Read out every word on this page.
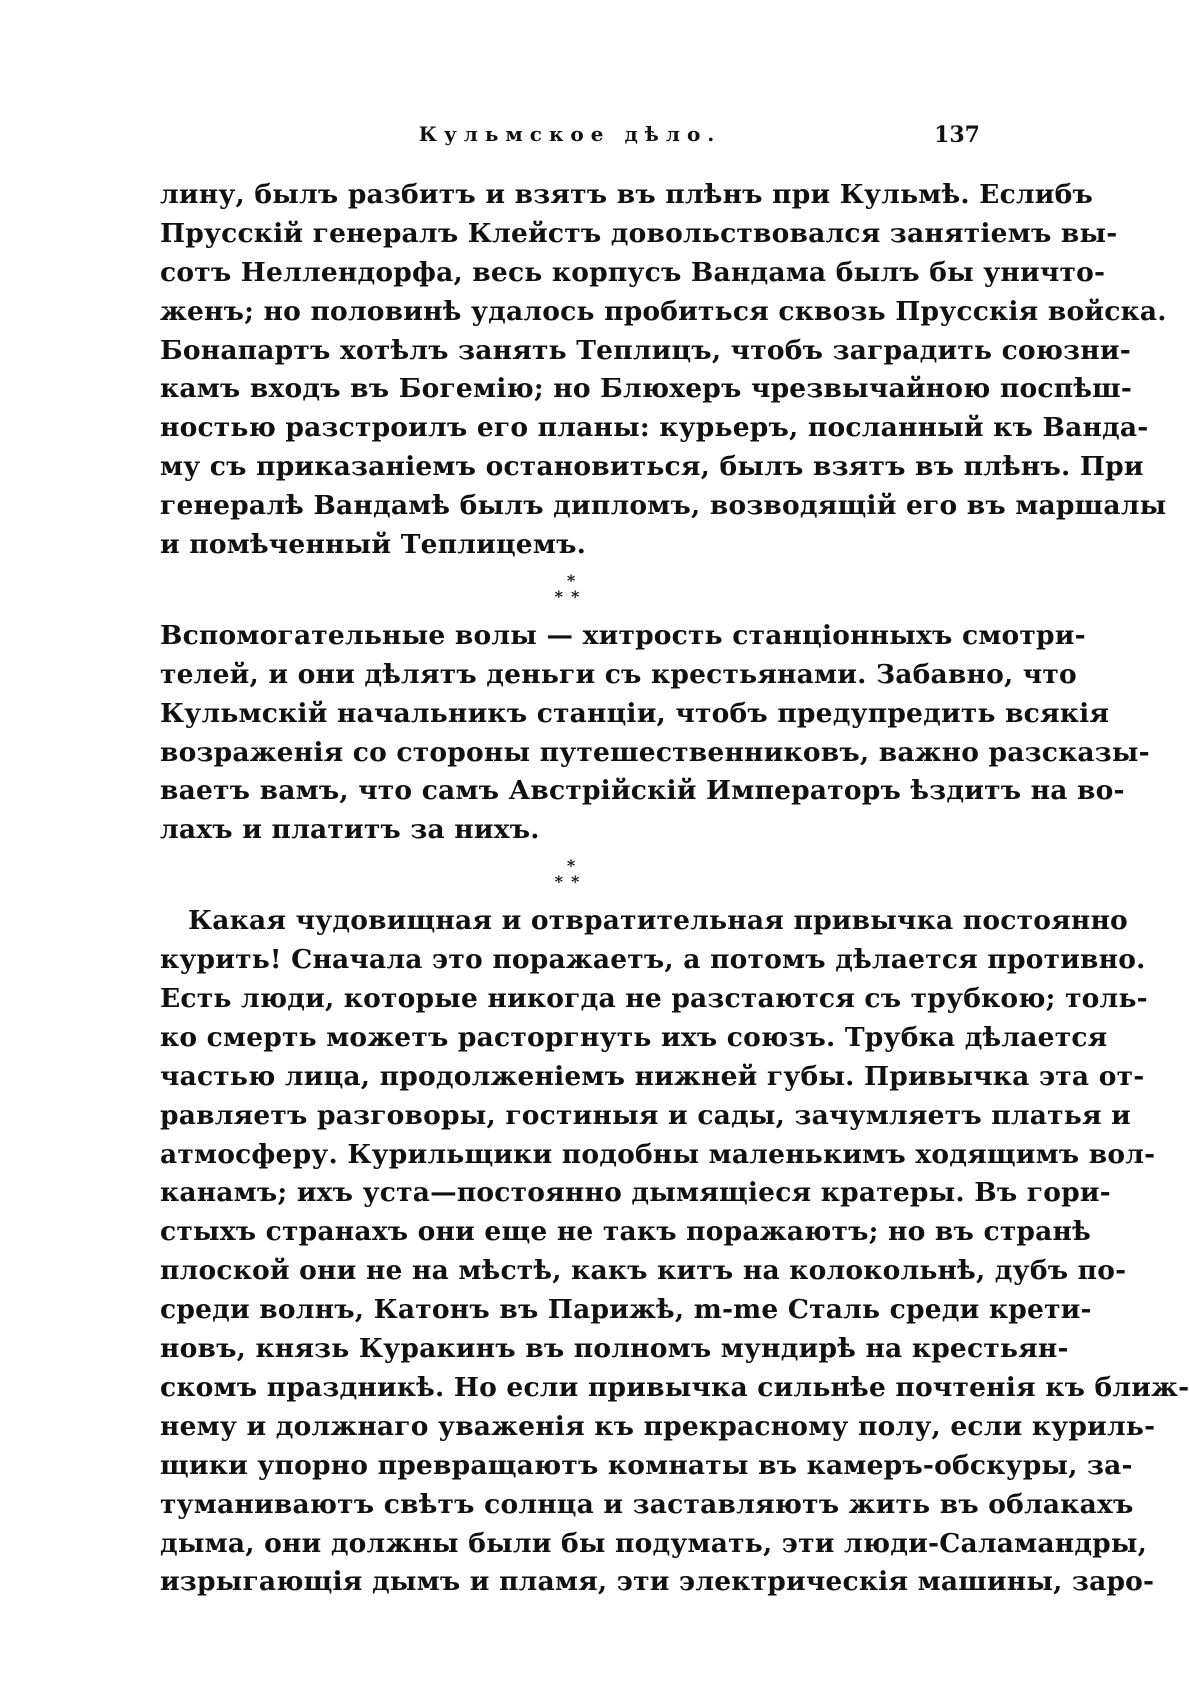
Кульмское дѣло.	137
лину, былъ разбитъ и взятъ въ плѣнъ при Кульмѣ. Еслибъ
Прусскій генералъ Клейстъ довольствовался занятіемъ вы-
сотъ Неллендорфа, весь корпусъ Вандама былъ бы уничто-
женъ; но половинѣ удалось пробиться сквозь Прусскія войска.
Бонапартъ хотѣлъ занять Теплицъ, чтобъ заградить союзни-
камъ входъ въ Богемію; но Блюхеръ чрезвычайною поспѣш-
ностью разстроилъ его планы: курьеръ, посланный къ Ванда-
му съ приказаніемъ остановиться, былъ взятъ въ плѣнъ. При
генералѣ Вандамѣ былъ дипломъ, возводящій его въ маршалы
и помѣченный Теплицемъ.
*
**
Вспомогательные волы — хитрость станціонныхъ смотри-
телей, и они дѣлятъ деньги съ крестьянами. Забавно, что
Кульмскій начальникъ станціи, чтобъ предупредить всякія
возраженія со стороны путешественниковъ, важно разсказы-
ваетъ вамъ, что самъ Австрійскій Императоръ ѣздитъ на во-
лахъ и платитъ за нихъ.
*
**
Какая чудовищная и отвратительная привычка постоянно
курить! Сначала это поражаетъ, а потомъ дѣлается противно.
Есть люди, которые никогда не разстаются съ трубкою; толь-
ко смерть можетъ расторгнуть ихъ союзъ. Трубка дѣлается
частью лица, продолженіемъ нижней губы. Привычка эта от-
равляетъ разговоры, гостиныя и сады, зачумляетъ платья и
атмосферу. Курильщики подобны маленькимъ ходящимъ вол-
канамъ; ихъ уста—постоянно дымящіеся кратеры. Въ гори-
стыхъ странахъ они еще не такъ поражаютъ; но въ странѣ
плоской они не на мѣстѣ, какъ китъ на колокольнѣ, дубъ по-
среди волнъ, Катонъ въ Парижѣ, m-me Сталь среди крети-
новъ, князь Куракинъ въ полномъ мундирѣ на крестьян-
скомъ праздникѣ. Но если привычка сильнѣе почтенія къ ближ-
нему и должнаго уваженія къ прекрасному полу, если куриль-
щики упорно превращаютъ комнаты въ камеръ-обскуры, за-
туманиваютъ свѣтъ солнца и заставляютъ жить въ облакахъ
дыма, они должны были бы подумать, эти люди-Саламандры,
изрыгающія дымъ и пламя, эти электрическія машины, заро-
